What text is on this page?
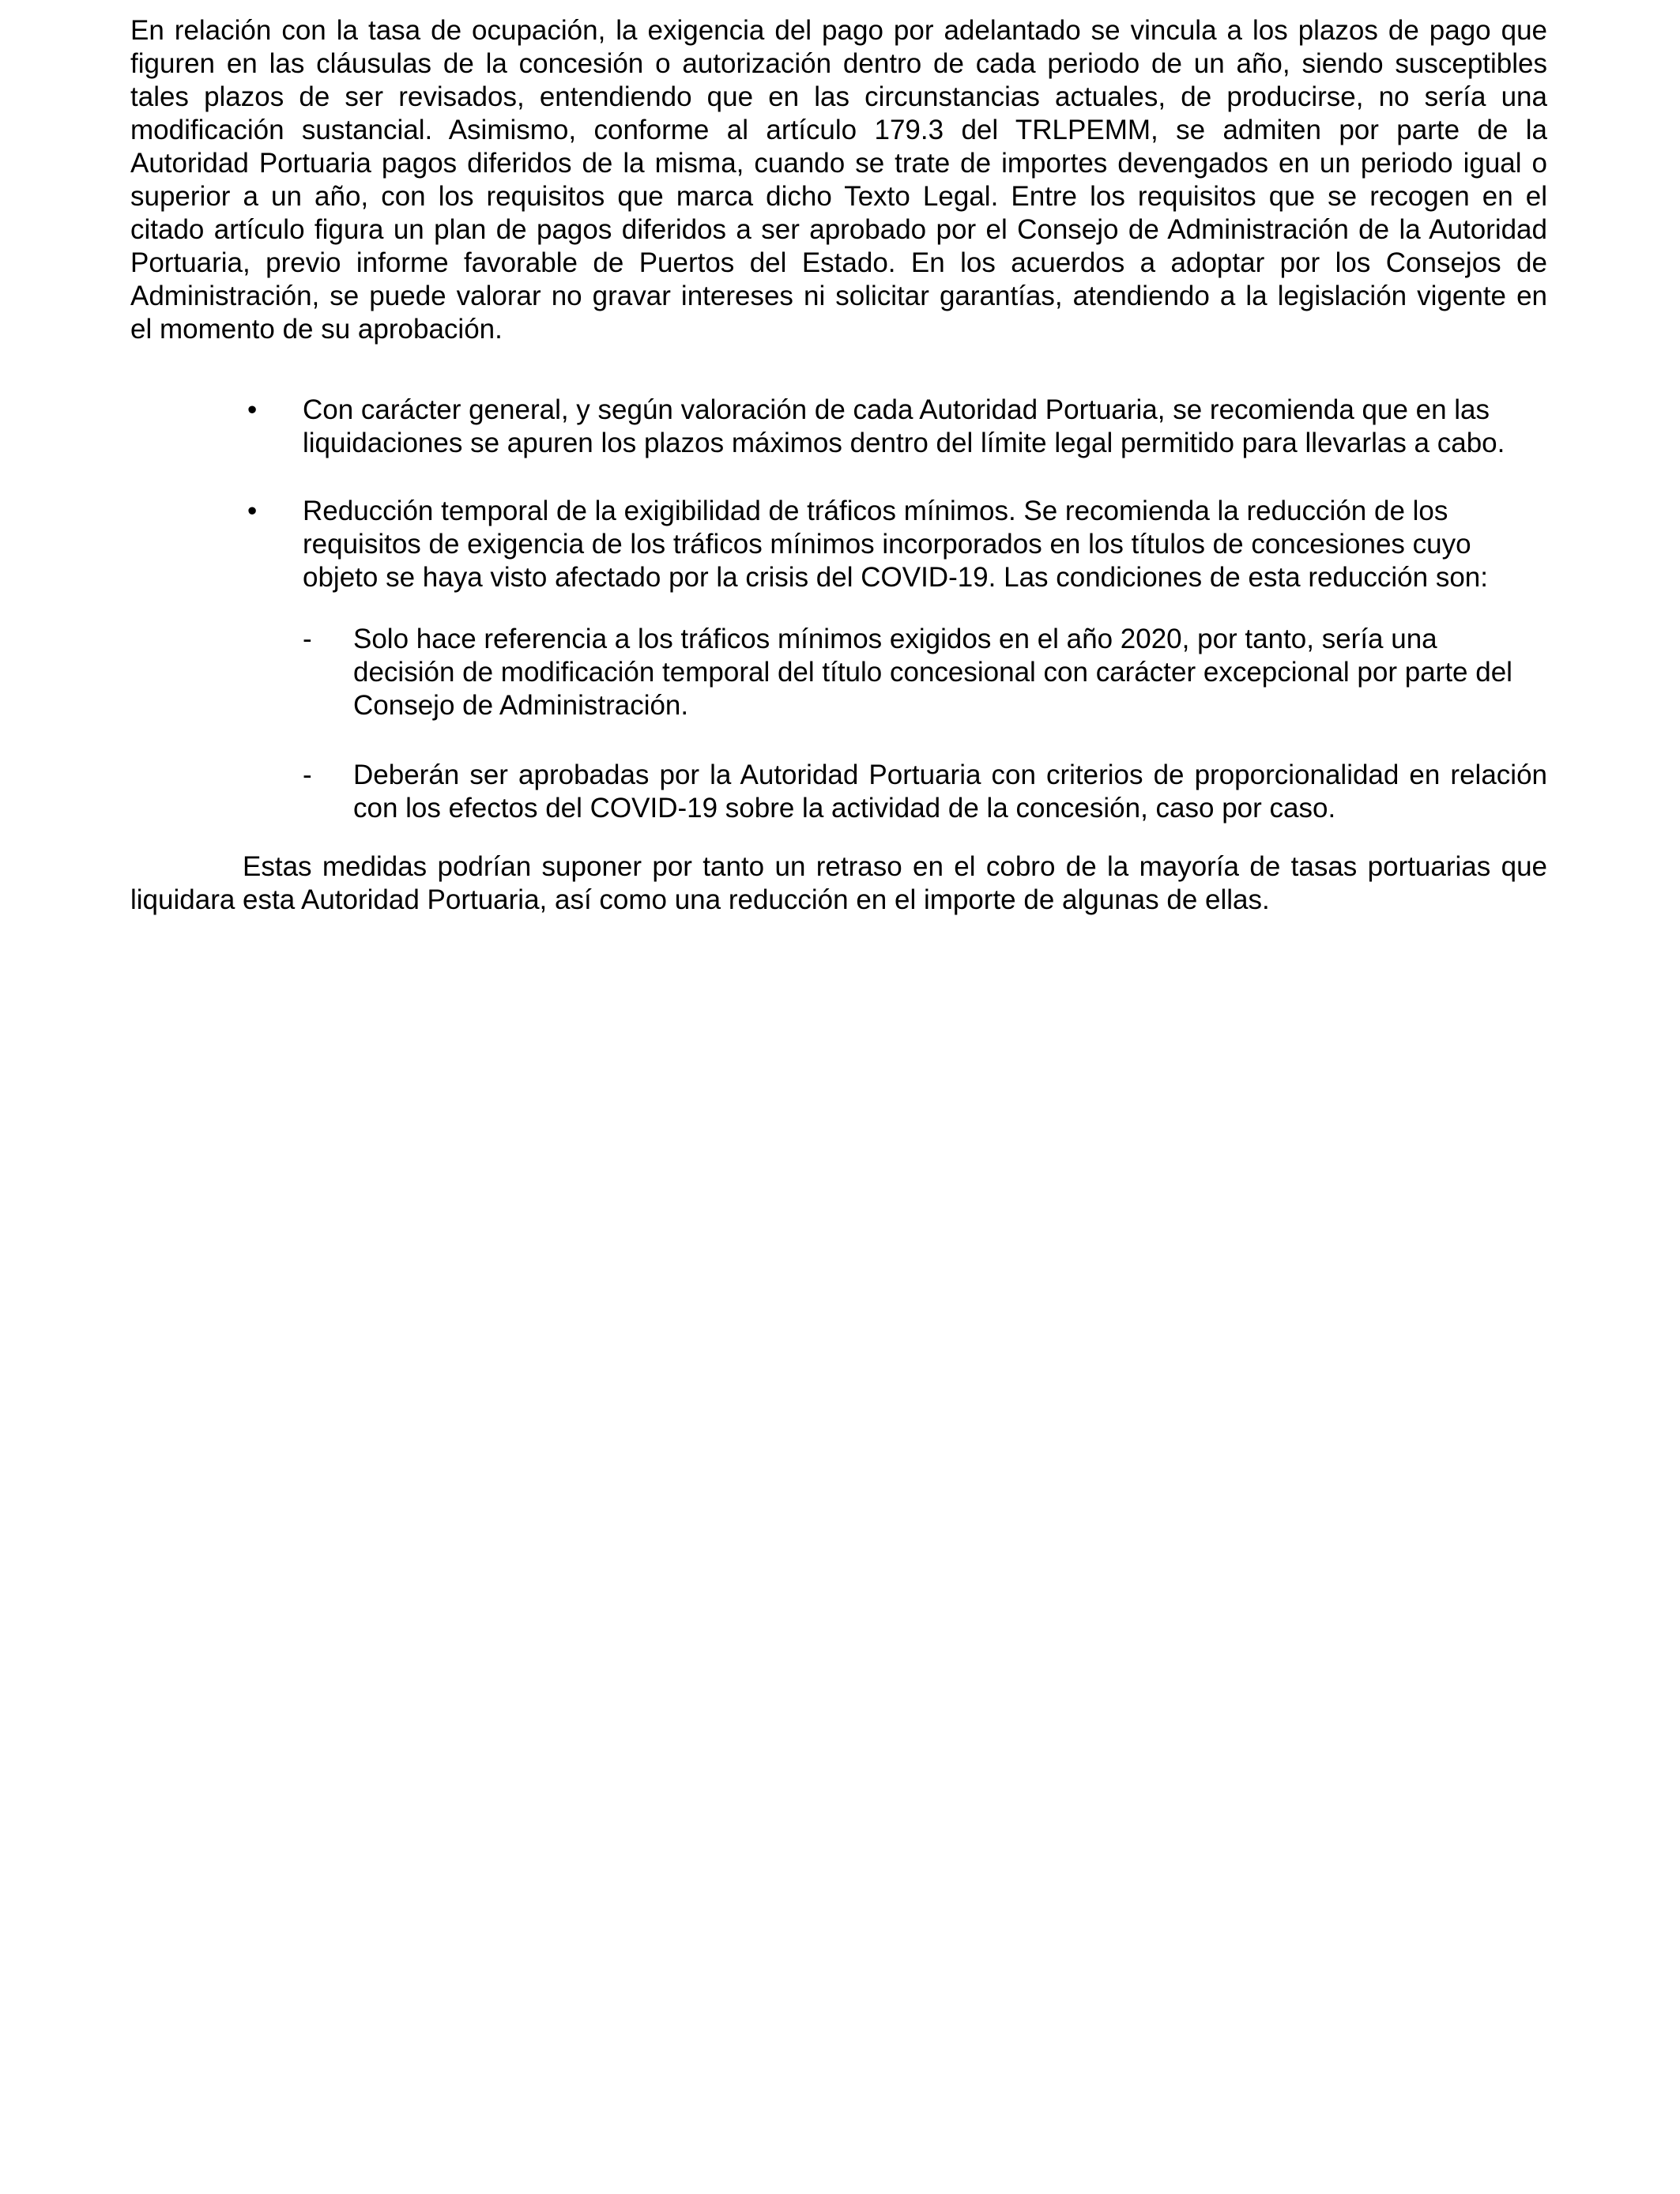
En relación con la tasa de ocupación, la exigencia del pago por adelantado se vincula a los plazos de pago que
figuren en las cláusulas de la concesión o autorización dentro de cada periodo de un año, siendo susceptibles
tales plazos de ser revisados, entendiendo que en las circunstancias actuales, de producirse, no sería una
modificación sustancial. Asimismo, conforme al artículo 179.3 del TRLPEMM, se admiten por parte de la
Autoridad Portuaria pagos diferidos de la misma, cuando se trate de importes devengados en un periodo igual o
superior a un año, con los requisitos que marca dicho Texto Legal. Entre los requisitos que se recogen en el
citado artículo figura un plan de pagos diferidos a ser aprobado por el Consejo de Administración de la Autoridad
Portuaria, previo informe favorable de Puertos del Estado. En los acuerdos a adoptar por los Consejos de
Administración, se puede valorar no gravar intereses ni solicitar garantías, atendiendo a la legislación vigente en
el momento de su aprobación.
• Con carácter general, y según valoración de cada Autoridad Portuaria, se recomienda que en las
liquidaciones se apuren los plazos máximos dentro del límite legal permitido para llevarlas a cabo.
• Reducción temporal de la exigibilidad de tráficos mínimos. Se recomienda la reducción de los
requisitos de exigencia de los tráficos mínimos incorporados en los títulos de concesiones cuyo
objeto se haya visto afectado por la crisis del COVID-19. Las condiciones de esta reducción son:
- Solo hace referencia a los tráficos mínimos exigidos en el año 2020, por tanto, sería una
decisión de modificación temporal del título concesional con carácter excepcional por parte del
Consejo de Administración.
- Deberán ser aprobadas por la Autoridad Portuaria con criterios de proporcionalidad en relación
con los efectos del COVID-19 sobre la actividad de la concesión, caso por caso.
Estas medidas podrían suponer por tanto un retraso en el cobro de la mayoría de tasas portuarias que
liquidara esta Autoridad Portuaria, así como una reducción en el importe de algunas de ellas.
